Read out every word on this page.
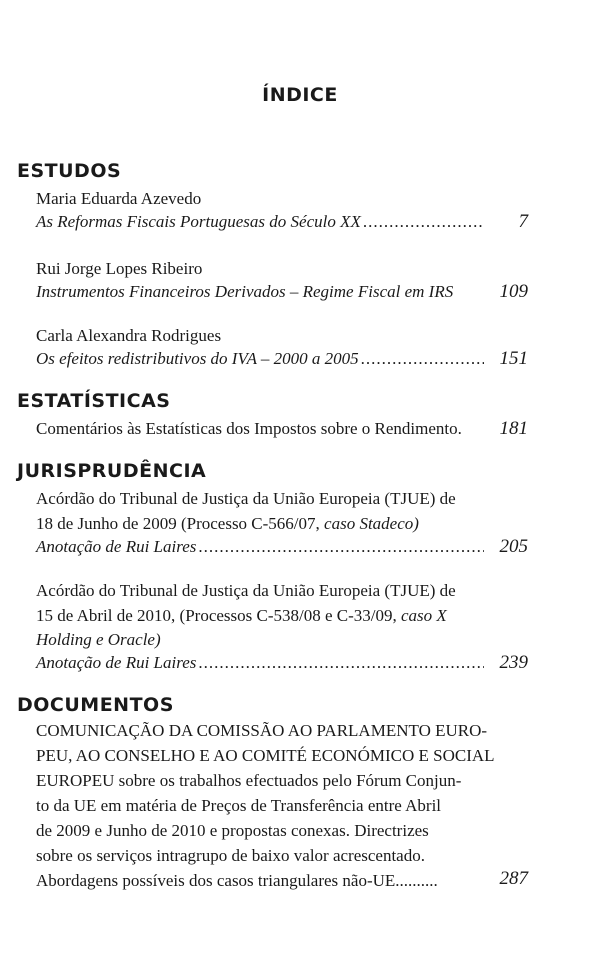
ÍNDICE
ESTUDOS
Maria Eduarda Azevedo
As Reformas Fiscais Portuguesas do Século XX .....	7
Rui Jorge Lopes Ribeiro
Instrumentos Financeiros Derivados – Regime Fiscal em IRS	109
Carla Alexandra Rodrigues
Os efeitos redistributivos do IVA – 2000 a 2005 .....	151
ESTATÍSTICAS
Comentários às Estatísticas dos Impostos sobre o Rendimento.	181
JURISPRUDÊNCIA
Acórdão do Tribunal de Justiça da União Europeia (TJUE) de
18 de Junho de 2009 (Processo C-566/07, caso Stadeco)
Anotação de Rui Laires .....	205
Acórdão do Tribunal de Justiça da União Europeia (TJUE) de
15 de Abril de 2010, (Processos C-538/08 e C-33/09, caso X
Holding e Oracle)
Anotação de Rui Laires .....	239
DOCUMENTOS
COMUNICAÇÃO DA COMISSÃO AO PARLAMENTO EURO-
PEU, AO CONSELHO E AO COMITÉ ECONÓMICO E SOCIAL
EUROPEU sobre os trabalhos efectuados pelo Fórum Conjun-
to da UE em matéria de Preços de Transferência entre Abril
de 2009 e Junho de 2010 e propostas conexas. Directrizes
sobre os serviços intragrupo de baixo valor acrescentado.
Abordagens possíveis dos casos triangulares não-UE..........	287
